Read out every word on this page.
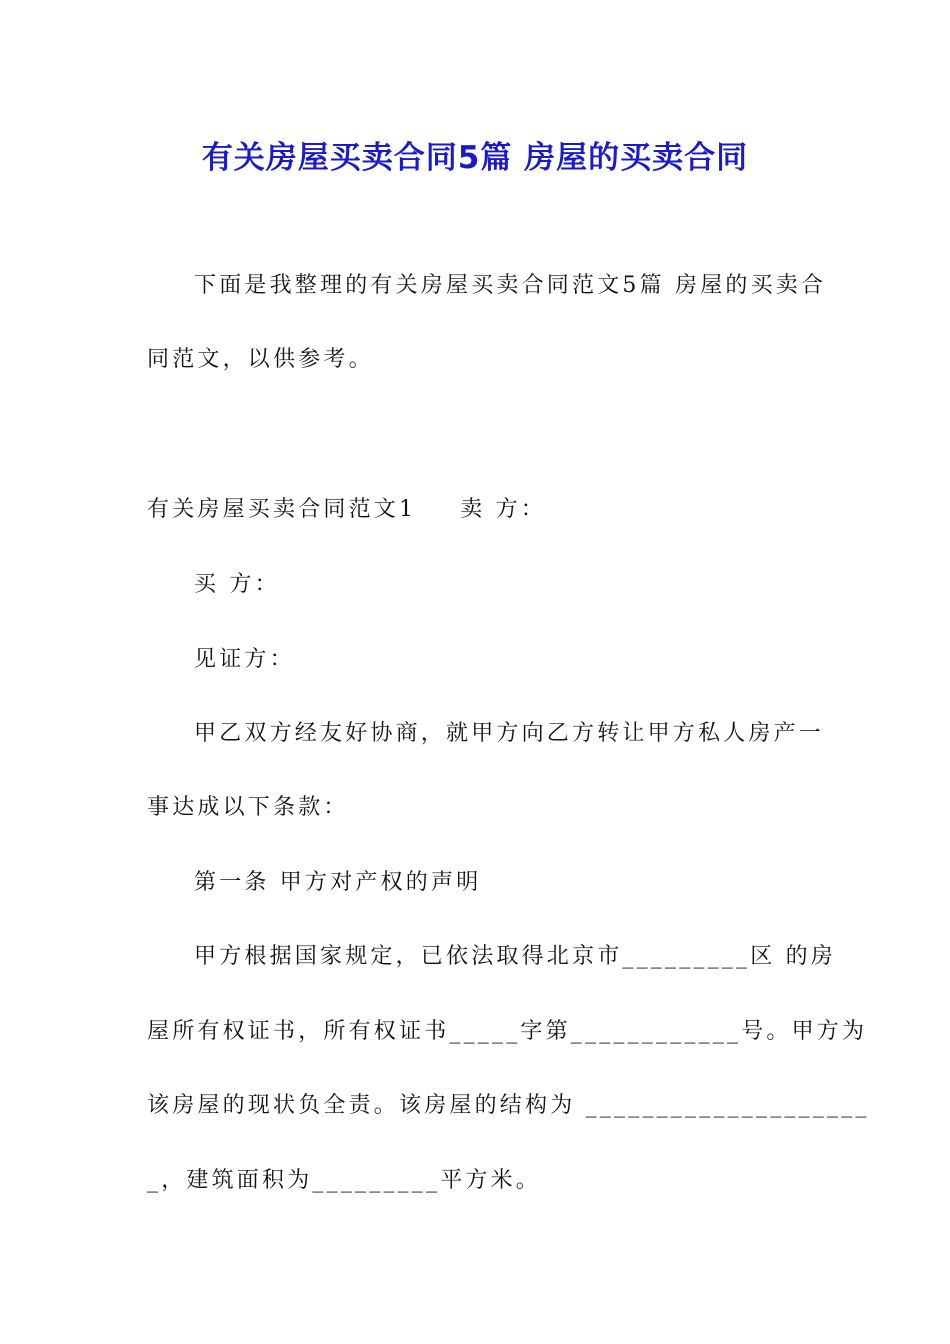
有关房屋买卖合同5篇 房屋的买卖合同
下面是我整理的有关房屋买卖合同范文5篇 房屋的买卖合
同范文，以供参考。
有关房屋买卖合同范文1 卖 方：
买 方：
见证方：
甲乙双方经友好协商，就甲方向乙方转让甲方私人房产一
事达成以下条款：
第一条 甲方对产权的声明
甲方根据国家规定，已依法取得北京市_________区 的房
屋所有权证书，所有权证书_____字第____________号。甲方为
该房屋的现状负全责。该房屋的结构为 ____________________
_，建筑面积为_________平方米。
